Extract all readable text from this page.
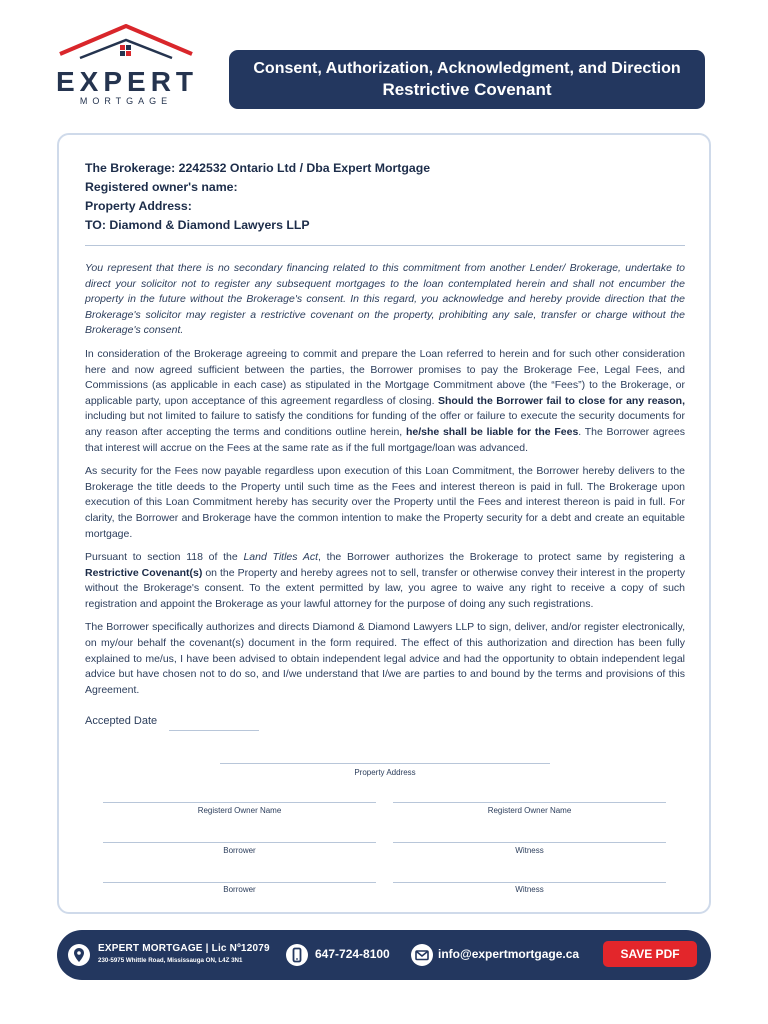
EXPERT
MORTGAGE
Consent, Authorization, Acknowledgment, and Direction
Restrictive Covenant
The Brokerage: 2242532 Ontario Ltd / Dba Expert Mortgage
Registered owner's name:
Property Address:
TO: Diamond & Diamond Lawyers LLP

You represent that there is no secondary financing related to this commitment from another Lender/ Brokerage, undertake to direct your solicitor not to register any subsequent mortgages to the loan contemplated herein and shall not encumber the property in the future without the Brokerage's consent. In this regard, you acknowledge and hereby provide direction that the Brokerage's solicitor may register a restrictive covenant on the property, prohibiting any sale, transfer or charge without the Brokerage's consent.

In consideration of the Brokerage agreeing to commit and prepare the Loan referred to herein and for such other consideration here and now agreed sufficient between the parties, the Borrower promises to pay the Brokerage Fee, Legal Fees, and Commissions (as applicable in each case) as stipulated in the Mortgage Commitment above (the “Fees”) to the Brokerage, or applicable party, upon acceptance of this agreement regardless of closing. Should the Borrower fail to close for any reason, including but not limited to failure to satisfy the conditions for funding of the offer or failure to execute the security documents for any reason after accepting the terms and conditions outline herein, he/she shall be liable for the Fees. The Borrower agrees that interest will accrue on the Fees at the same rate as if the full mortgage/loan was advanced.

As security for the Fees now payable regardless upon execution of this Loan Commitment, the Borrower hereby delivers to the Brokerage the title deeds to the Property until such time as the Fees and interest thereon is paid in full. The Brokerage upon execution of this Loan Commitment hereby has security over the Property until the Fees and interest thereon is paid in full. For clarity, the Borrower and Brokerage have the common intention to make the Property security for a debt and create an equitable mortgage.

Pursuant to section 118 of the Land Titles Act, the Borrower authorizes the Brokerage to protect same by registering a Restrictive Covenant(s) on the Property and hereby agrees not to sell, transfer or otherwise convey their interest in the property without the Brokerage's consent. To the extent permitted by law, you agree to waive any right to receive a copy of such registration and appoint the Brokerage as your lawful attorney for the purpose of doing any such registrations.

The Borrower specifically authorizes and directs Diamond & Diamond Lawyers LLP to sign, deliver, and/or register electronically, on my/our behalf the covenant(s) document in the form required. The effect of this authorization and direction has been fully explained to me/us, I have been advised to obtain independent legal advice and had the opportunity to obtain independent legal advice but have chosen not to do so, and I/we understand that I/we are parties to and bound by the terms and provisions of this Agreement.

Accepted Date
Property Address
Registerd Owner Name	Registerd Owner Name
Borrower	Witness
Borrower	Witness
EXPERT MORTGAGE | Lic Nº12079
230-5975 Whittle Road, Mississauga ON, L4Z 3N1	647-724-8100	info@expertmortgage.ca	SAVE PDF
